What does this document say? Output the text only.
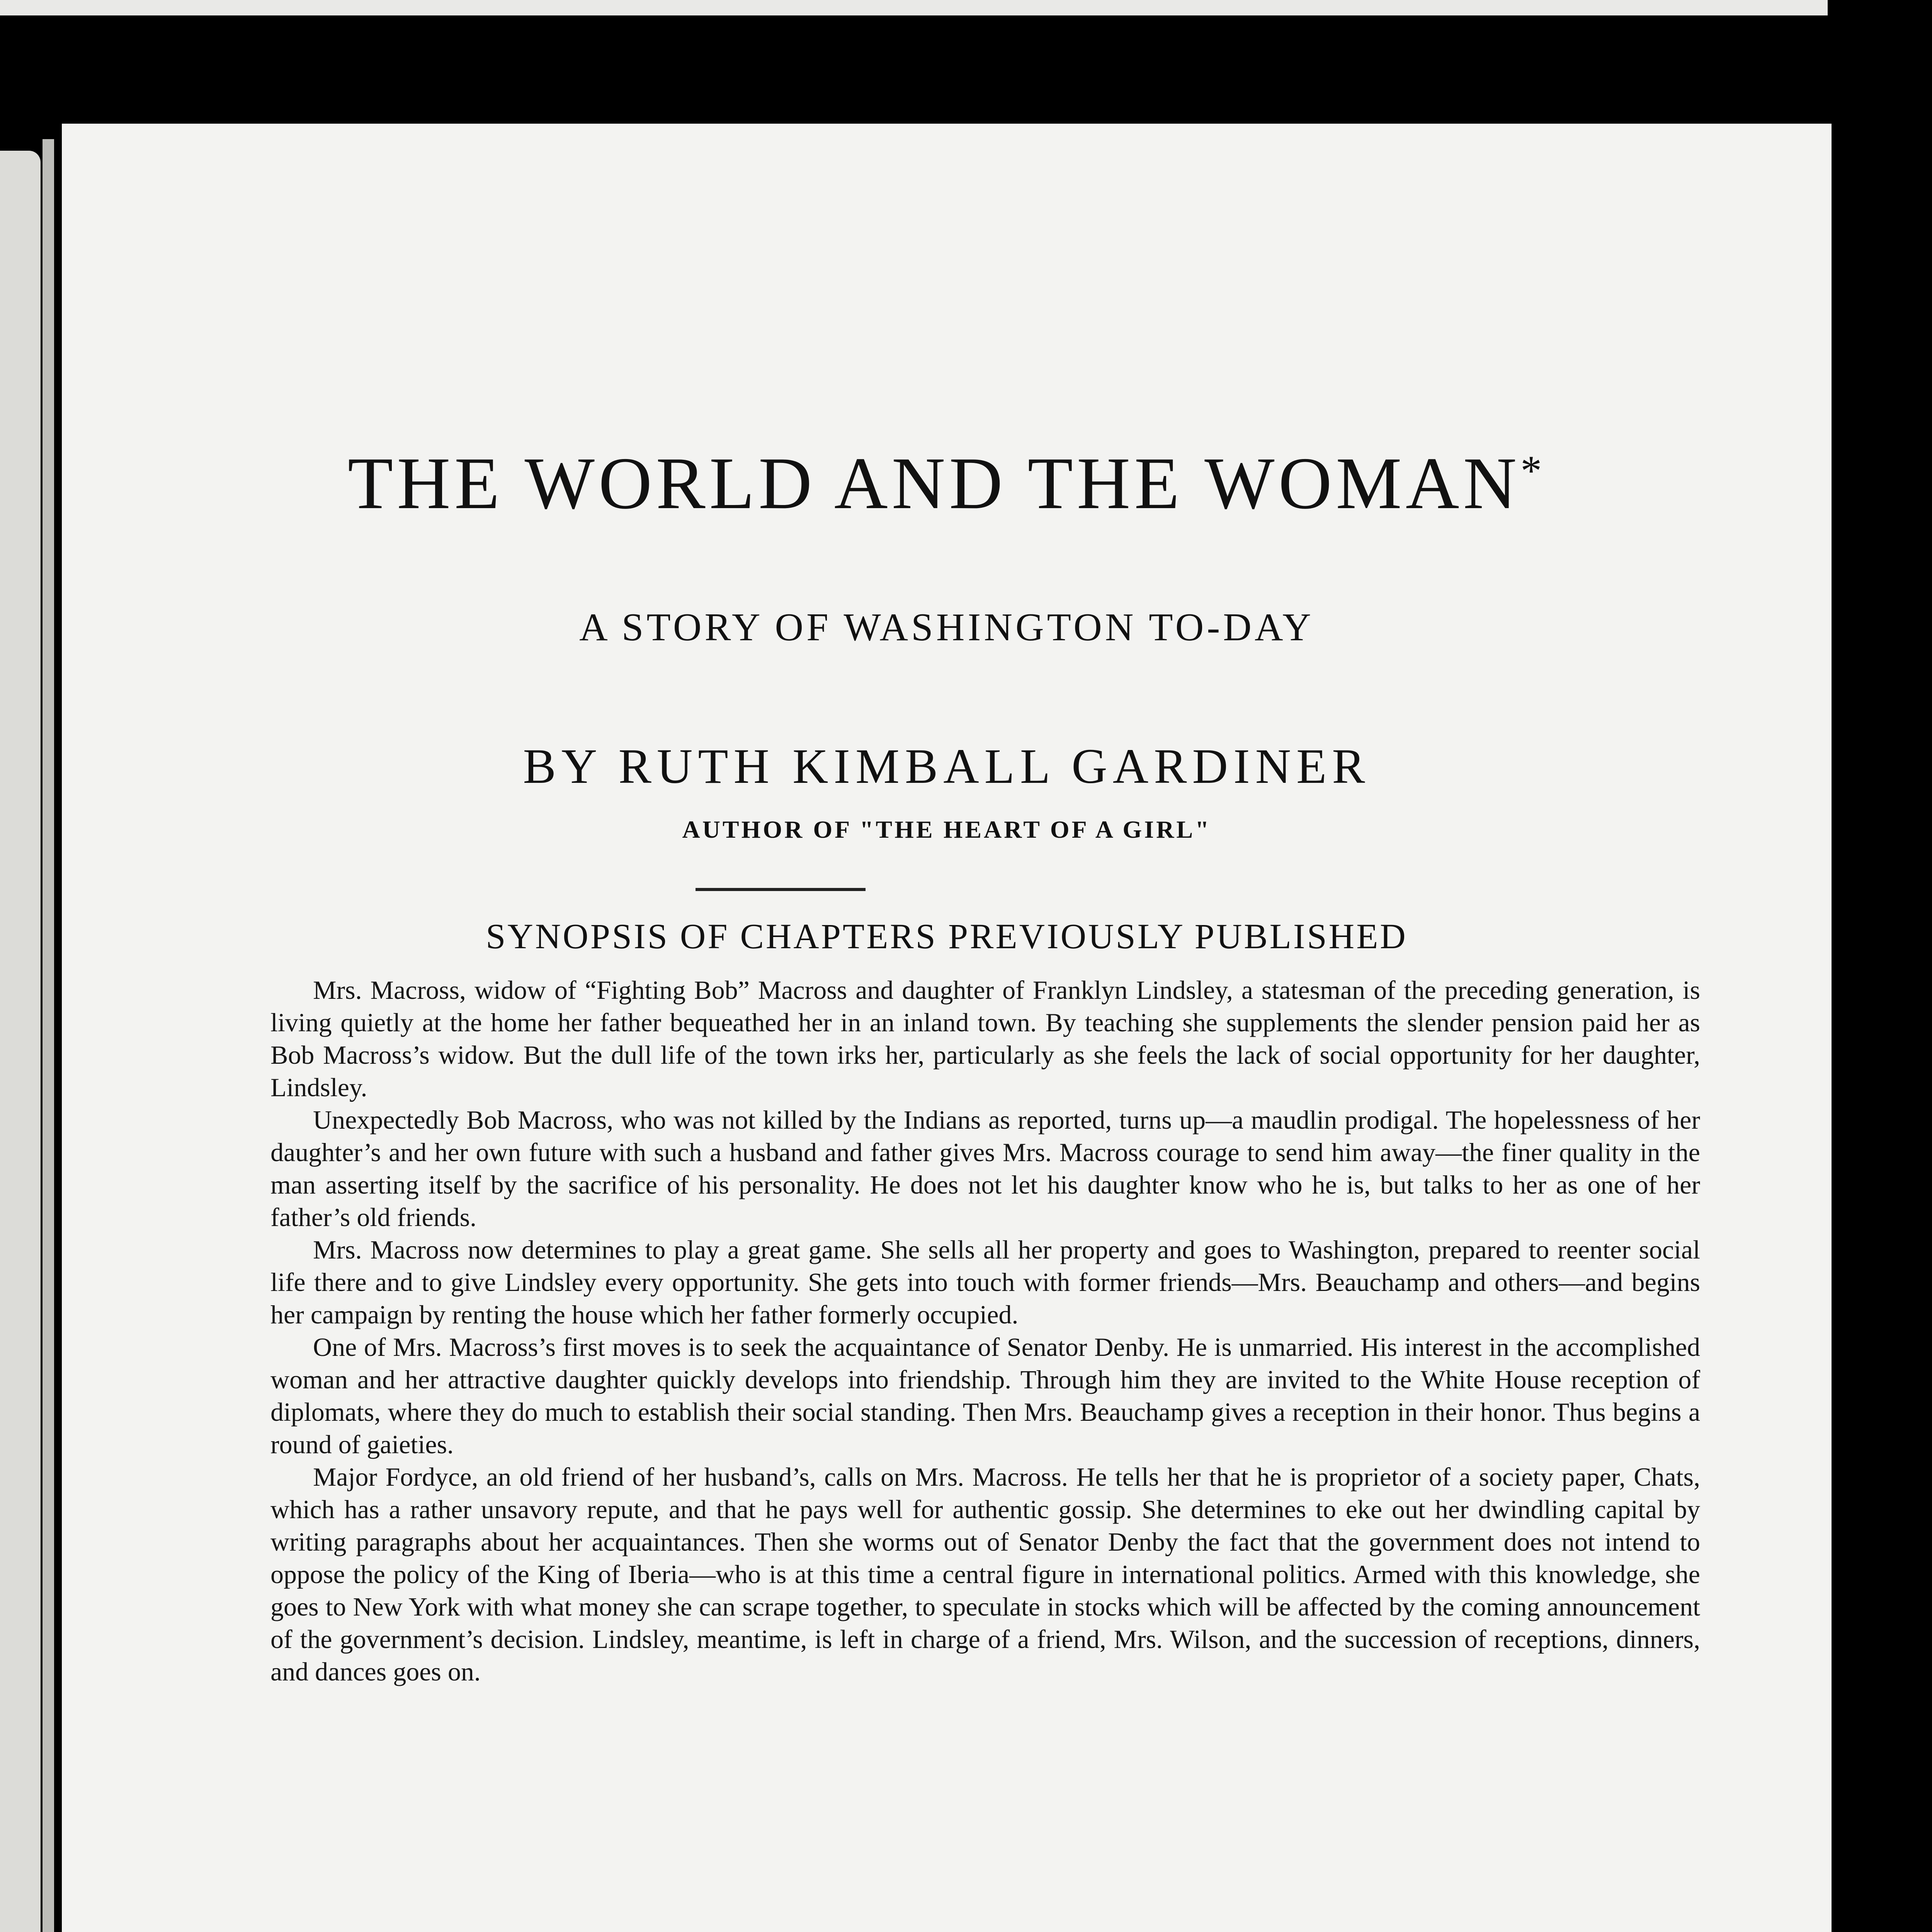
THE WORLD AND THE WOMAN*
A STORY OF WASHINGTON TO-DAY
BY RUTH KIMBALL GARDINER
AUTHOR OF "THE HEART OF A GIRL"
SYNOPSIS OF CHAPTERS PREVIOUSLY PUBLISHED

Mrs. Macross, widow of “Fighting Bob” Macross and daughter of Franklyn Lindsley, a statesman of the preceding generation, is living quietly at the home her father bequeathed her in an inland town. By teaching she supplements the slender pension paid her as Bob Macross’s widow. But the dull life of the town irks her, particularly as she feels the lack of social opportunity for her daughter, Lindsley.

Unexpectedly Bob Macross, who was not killed by the Indians as reported, turns up—a maudlin prodigal. The hopelessness of her daughter’s and her own future with such a husband and father gives Mrs. Macross courage to send him away—the finer quality in the man asserting itself by the sacrifice of his personality. He does not let his daughter know who he is, but talks to her as one of her father’s old friends.

Mrs. Macross now determines to play a great game. She sells all her property and goes to Washington, prepared to reenter social life there and to give Lindsley every opportunity. She gets into touch with former friends—Mrs. Beauchamp and others—and begins her campaign by renting the house which her father formerly occupied.

One of Mrs. Macross’s first moves is to seek the acquaintance of Senator Denby. He is unmarried. His interest in the accomplished woman and her attractive daughter quickly develops into friendship. Through him they are invited to the White House reception of diplomats, where they do much to establish their social standing. Then Mrs. Beauchamp gives a reception in their honor. Thus begins a round of gaieties.

Major Fordyce, an old friend of her husband’s, calls on Mrs. Macross. He tells her that he is proprietor of a society paper, Chats, which has a rather unsavory repute, and that he pays well for authentic gossip. She determines to eke out her dwindling capital by writing paragraphs about her acquaintances. Then she worms out of Senator Denby the fact that the government does not intend to oppose the policy of the King of Iberia—who is at this time a central figure in international politics. Armed with this knowledge, she goes to New York with what money she can scrape together, to speculate in stocks which will be affected by the coming announcement of the government’s decision. Lindsley, meantime, is left in charge of a friend, Mrs. Wilson, and the succession of receptions, dinners, and dances goes on.
